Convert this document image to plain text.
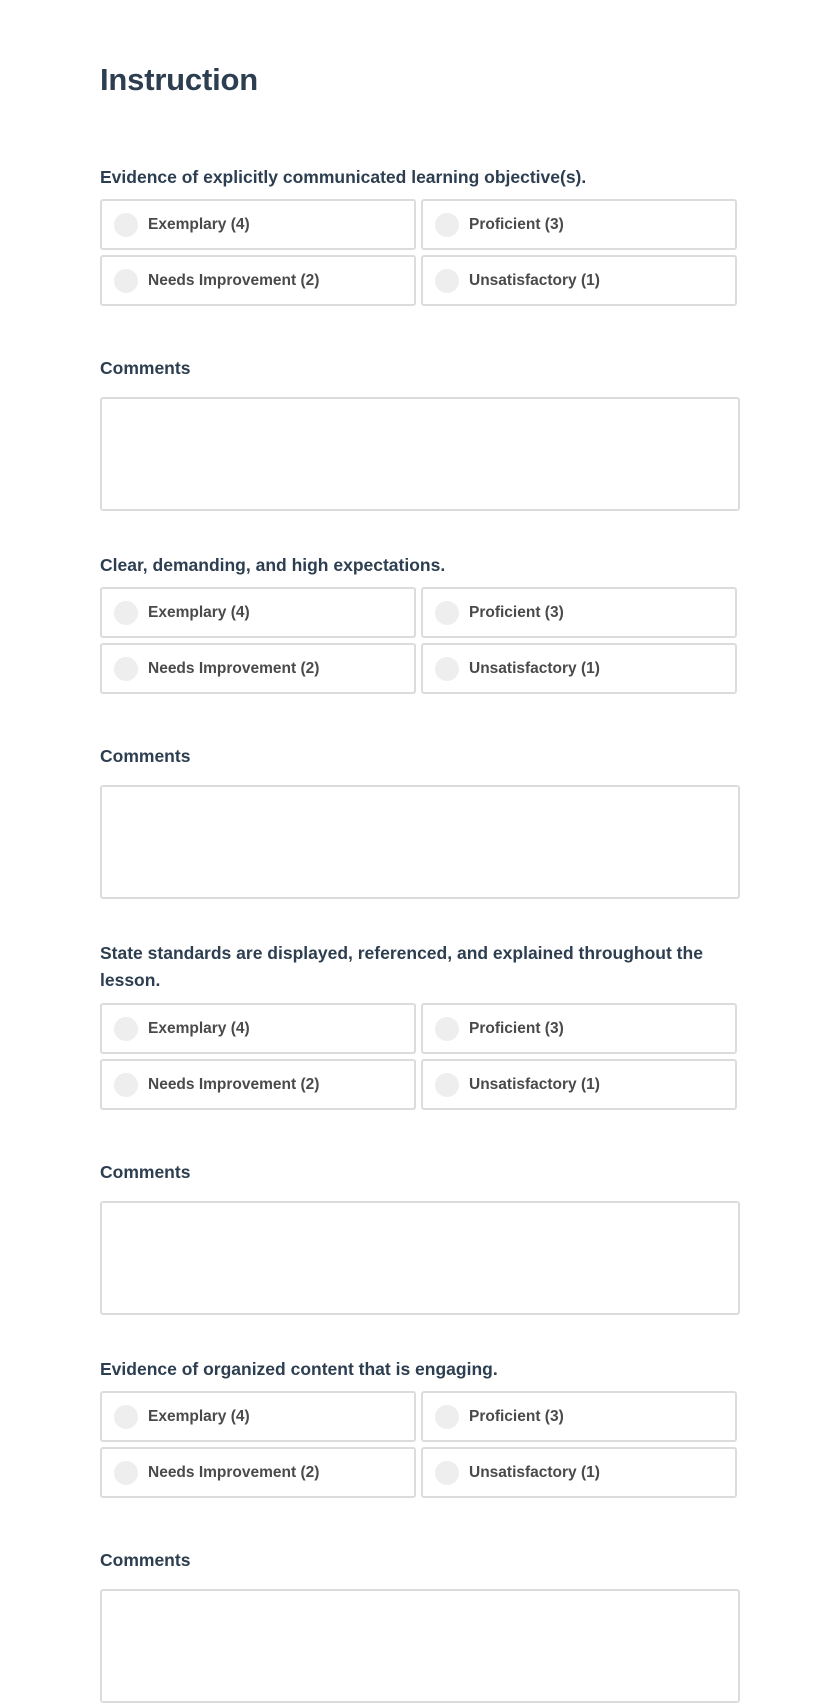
Instruction

Evidence of explicitly communicated learning objective(s).

Exemplary (4)	Proficient (3)
Needs Improvement (2)	Unsatisfactory (1)

Comments

Clear, demanding, and high expectations.

Exemplary (4)	Proficient (3)
Needs Improvement (2)	Unsatisfactory (1)

Comments

State standards are displayed, referenced, and explained throughout the lesson.

Exemplary (4)	Proficient (3)
Needs Improvement (2)	Unsatisfactory (1)

Comments

Evidence of organized content that is engaging.

Exemplary (4)	Proficient (3)
Needs Improvement (2)	Unsatisfactory (1)

Comments
